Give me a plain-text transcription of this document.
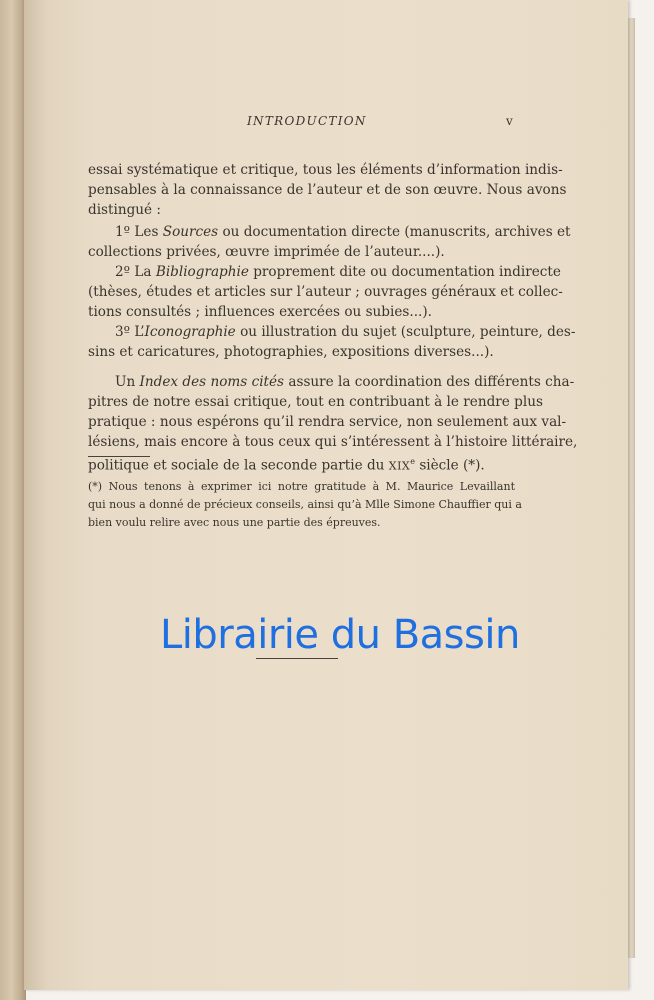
INTRODUCTION	v
essai systématique et critique, tous les éléments d’information indis-
pensables à la connaissance de l’auteur et de son œuvre. Nous avons
distingué :
1º Les Sources ou documentation directe (manuscrits, archives et
collections privées, œuvre imprimée de l’auteur....).
2º La Bibliographie proprement dite ou documentation indirecte
(thèses, études et articles sur l’auteur ; ouvrages généraux et collec-
tions consultés ; influences exercées ou subies...).
3º L’Iconographie ou illustration du sujet (sculpture, peinture, des-
sins et caricatures, photographies, expositions diverses...).
Un Index des noms cités assure la coordination des différents cha-
pitres de notre essai critique, tout en contribuant à le rendre plus
pratique : nous espérons qu’il rendra service, non seulement aux val-
lésiens, mais encore à tous ceux qui s’intéressent à l’histoire littéraire,
politique et sociale de la seconde partie du XIXe siècle (*).
(*) Nous tenons à exprimer ici notre gratitude à M. Maurice Levaillant
qui nous a donné de précieux conseils, ainsi qu’à Mlle Simone Chauffier qui a
bien voulu relire avec nous une partie des épreuves.
Librairie du Bassin
